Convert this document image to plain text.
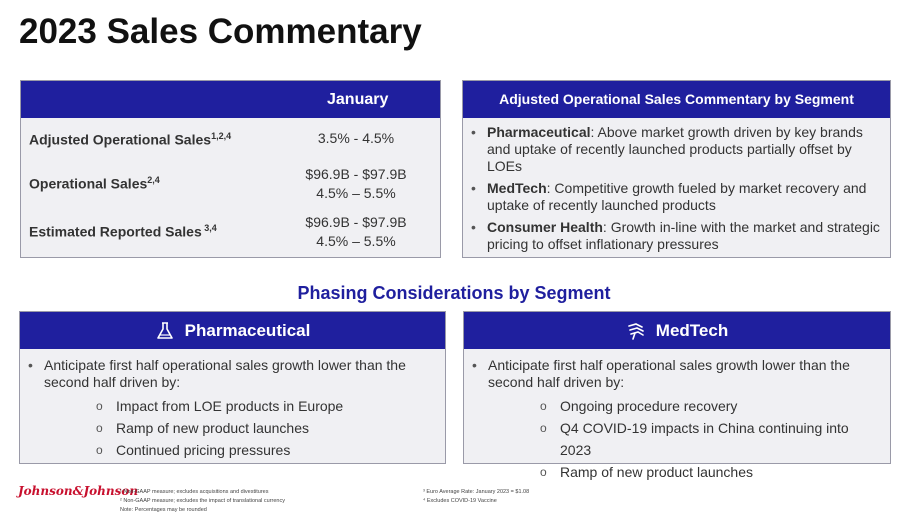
2023 Sales Commentary
January
Adjusted Operational Sales$^{1,2,4}$	3.5% - 4.5%
Operational Sales$^{2,4}$	$96.9B - $97.9B
4.5% – 5.5%
Estimated Reported Sales $^{3,4}$	$96.9B - $97.9B
4.5% – 5.5%
Adjusted Operational Sales Commentary by Segment
• Pharmaceutical: Above market growth driven by key brands and uptake of recently launched products partially offset by LOEs
• MedTech: Competitive growth fueled by market recovery and uptake of recently launched products
• Consumer Health: Growth in-line with the market and strategic pricing to offset inflationary pressures
Phasing Considerations by Segment
Pharmaceutical
• Anticipate first half operational sales growth lower than the second half driven by:
o Impact from LOE products in Europe
o Ramp of new product launches
o Continued pricing pressures
MedTech
• Anticipate first half operational sales growth lower than the second half driven by:
o Ongoing procedure recovery
o Q4 COVID-19 impacts in China continuing into 2023
o Ramp of new product launches
Johnson&Johnson
¹ Non-GAAP measure; excludes acquisitions and divestitures
² Non-GAAP measure; excludes the impact of translational currency
Note: Percentages may be rounded
³ Euro Average Rate: January 2023 = $1.08
⁴ Excludes COVID-19 Vaccine
